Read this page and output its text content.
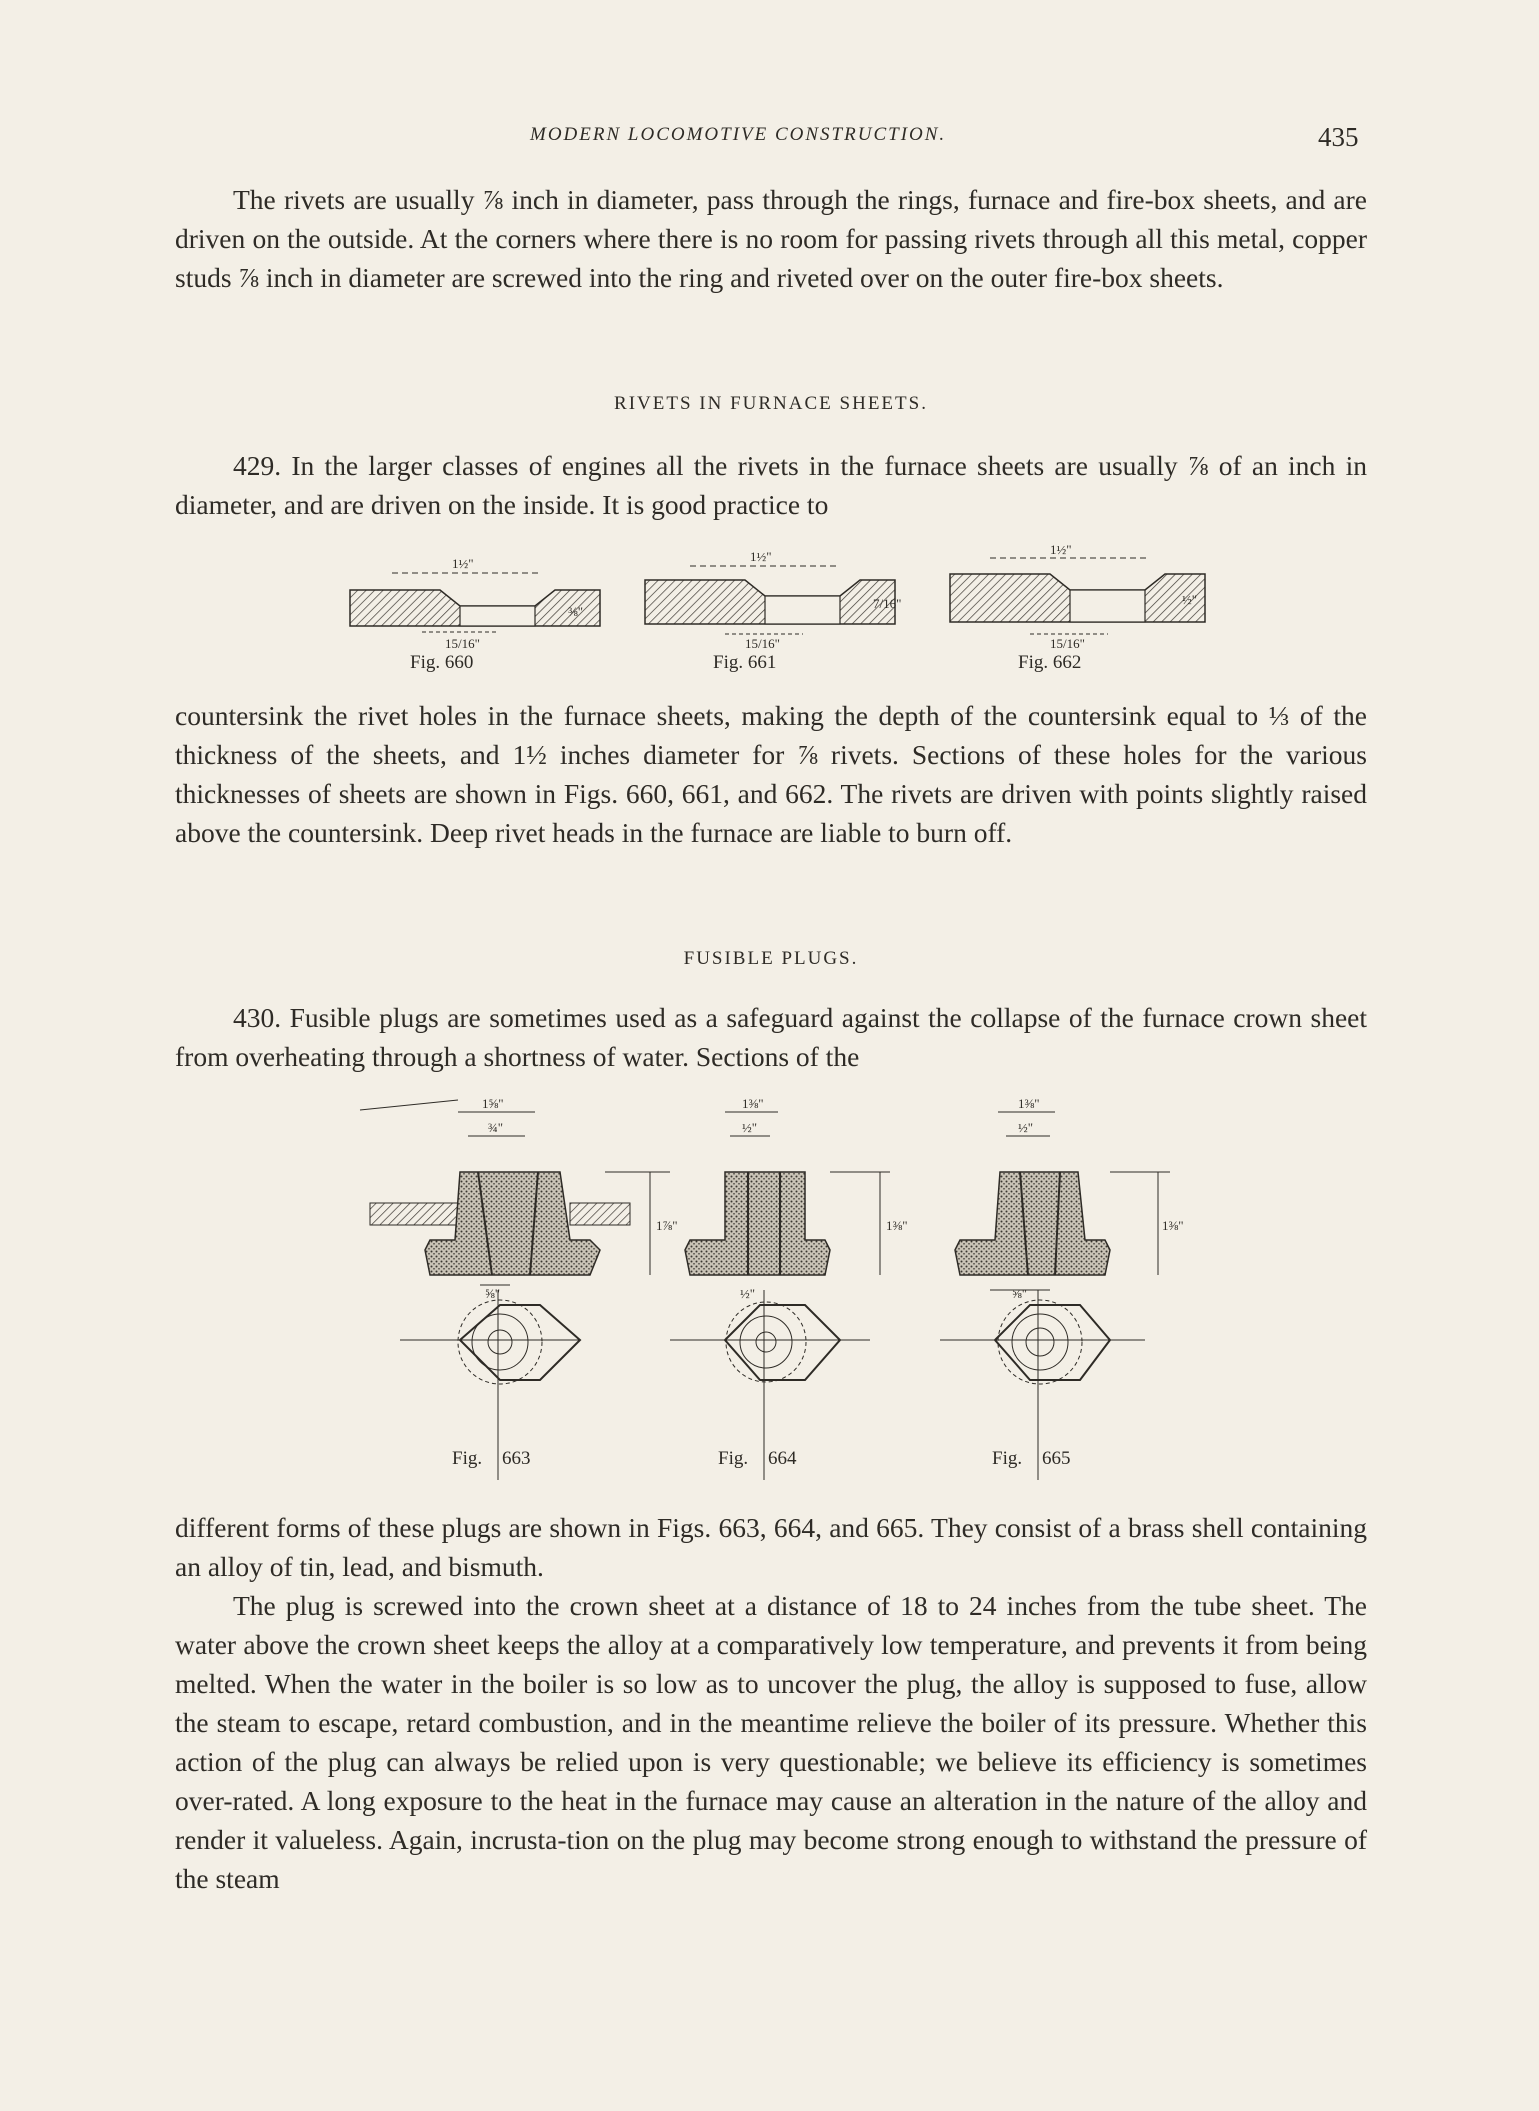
MODERN LOCOMOTIVE CONSTRUCTION.	435

The rivets are usually ⅞ inch in diameter, pass through the rings, furnace and fire-box sheets, and are driven on the outside. At the corners where there is no room for passing rivets through all this metal, copper studs ⅞ inch in diameter are screwed into the ring and riveted over on the outer fire-box sheets.

RIVETS IN FURNACE SHEETS.

429. In the larger classes of engines all the rivets in the furnace sheets are usually ⅞ of an inch in diameter, and are driven on the inside. It is good practice to

1½"
15/16"
⅜"
Fig. 660
1½"
15/16"
7/16"
Fig. 661
1½"
15/16"
½"
Fig. 662

countersink the rivet holes in the furnace sheets, making the depth of the countersink equal to ⅓ of the thickness of the sheets, and 1½ inches diameter for ⅞ rivets. Sections of these holes for the various thicknesses of sheets are shown in Figs. 660, 661, and 662. The rivets are driven with points slightly raised above the countersink. Deep rivet heads in the furnace are liable to burn off.

FUSIBLE PLUGS.

430. Fusible plugs are sometimes used as a safeguard against the collapse of the furnace crown sheet from overheating through a shortness of water. Sections of the

1⅝"
¾"
1⅞"
⅝"
Fig. 663
1⅜"
½"
1⅜"
½"
Fig. 664
1⅜"
½"
1⅜"
⅝"
Fig. 665

different forms of these plugs are shown in Figs. 663, 664, and 665. They consist of a brass shell containing an alloy of tin, lead, and bismuth.

The plug is screwed into the crown sheet at a distance of 18 to 24 inches from the tube sheet. The water above the crown sheet keeps the alloy at a comparatively low temperature, and prevents it from being melted. When the water in the boiler is so low as to uncover the plug, the alloy is supposed to fuse, allow the steam to escape, retard combustion, and in the meantime relieve the boiler of its pressure. Whether this action of the plug can always be relied upon is very questionable; we believe its efficiency is sometimes over-rated. A long exposure to the heat in the furnace may cause an alteration in the nature of the alloy and render it valueless. Again, incrusta-tion on the plug may become strong enough to withstand the pressure of the steam
